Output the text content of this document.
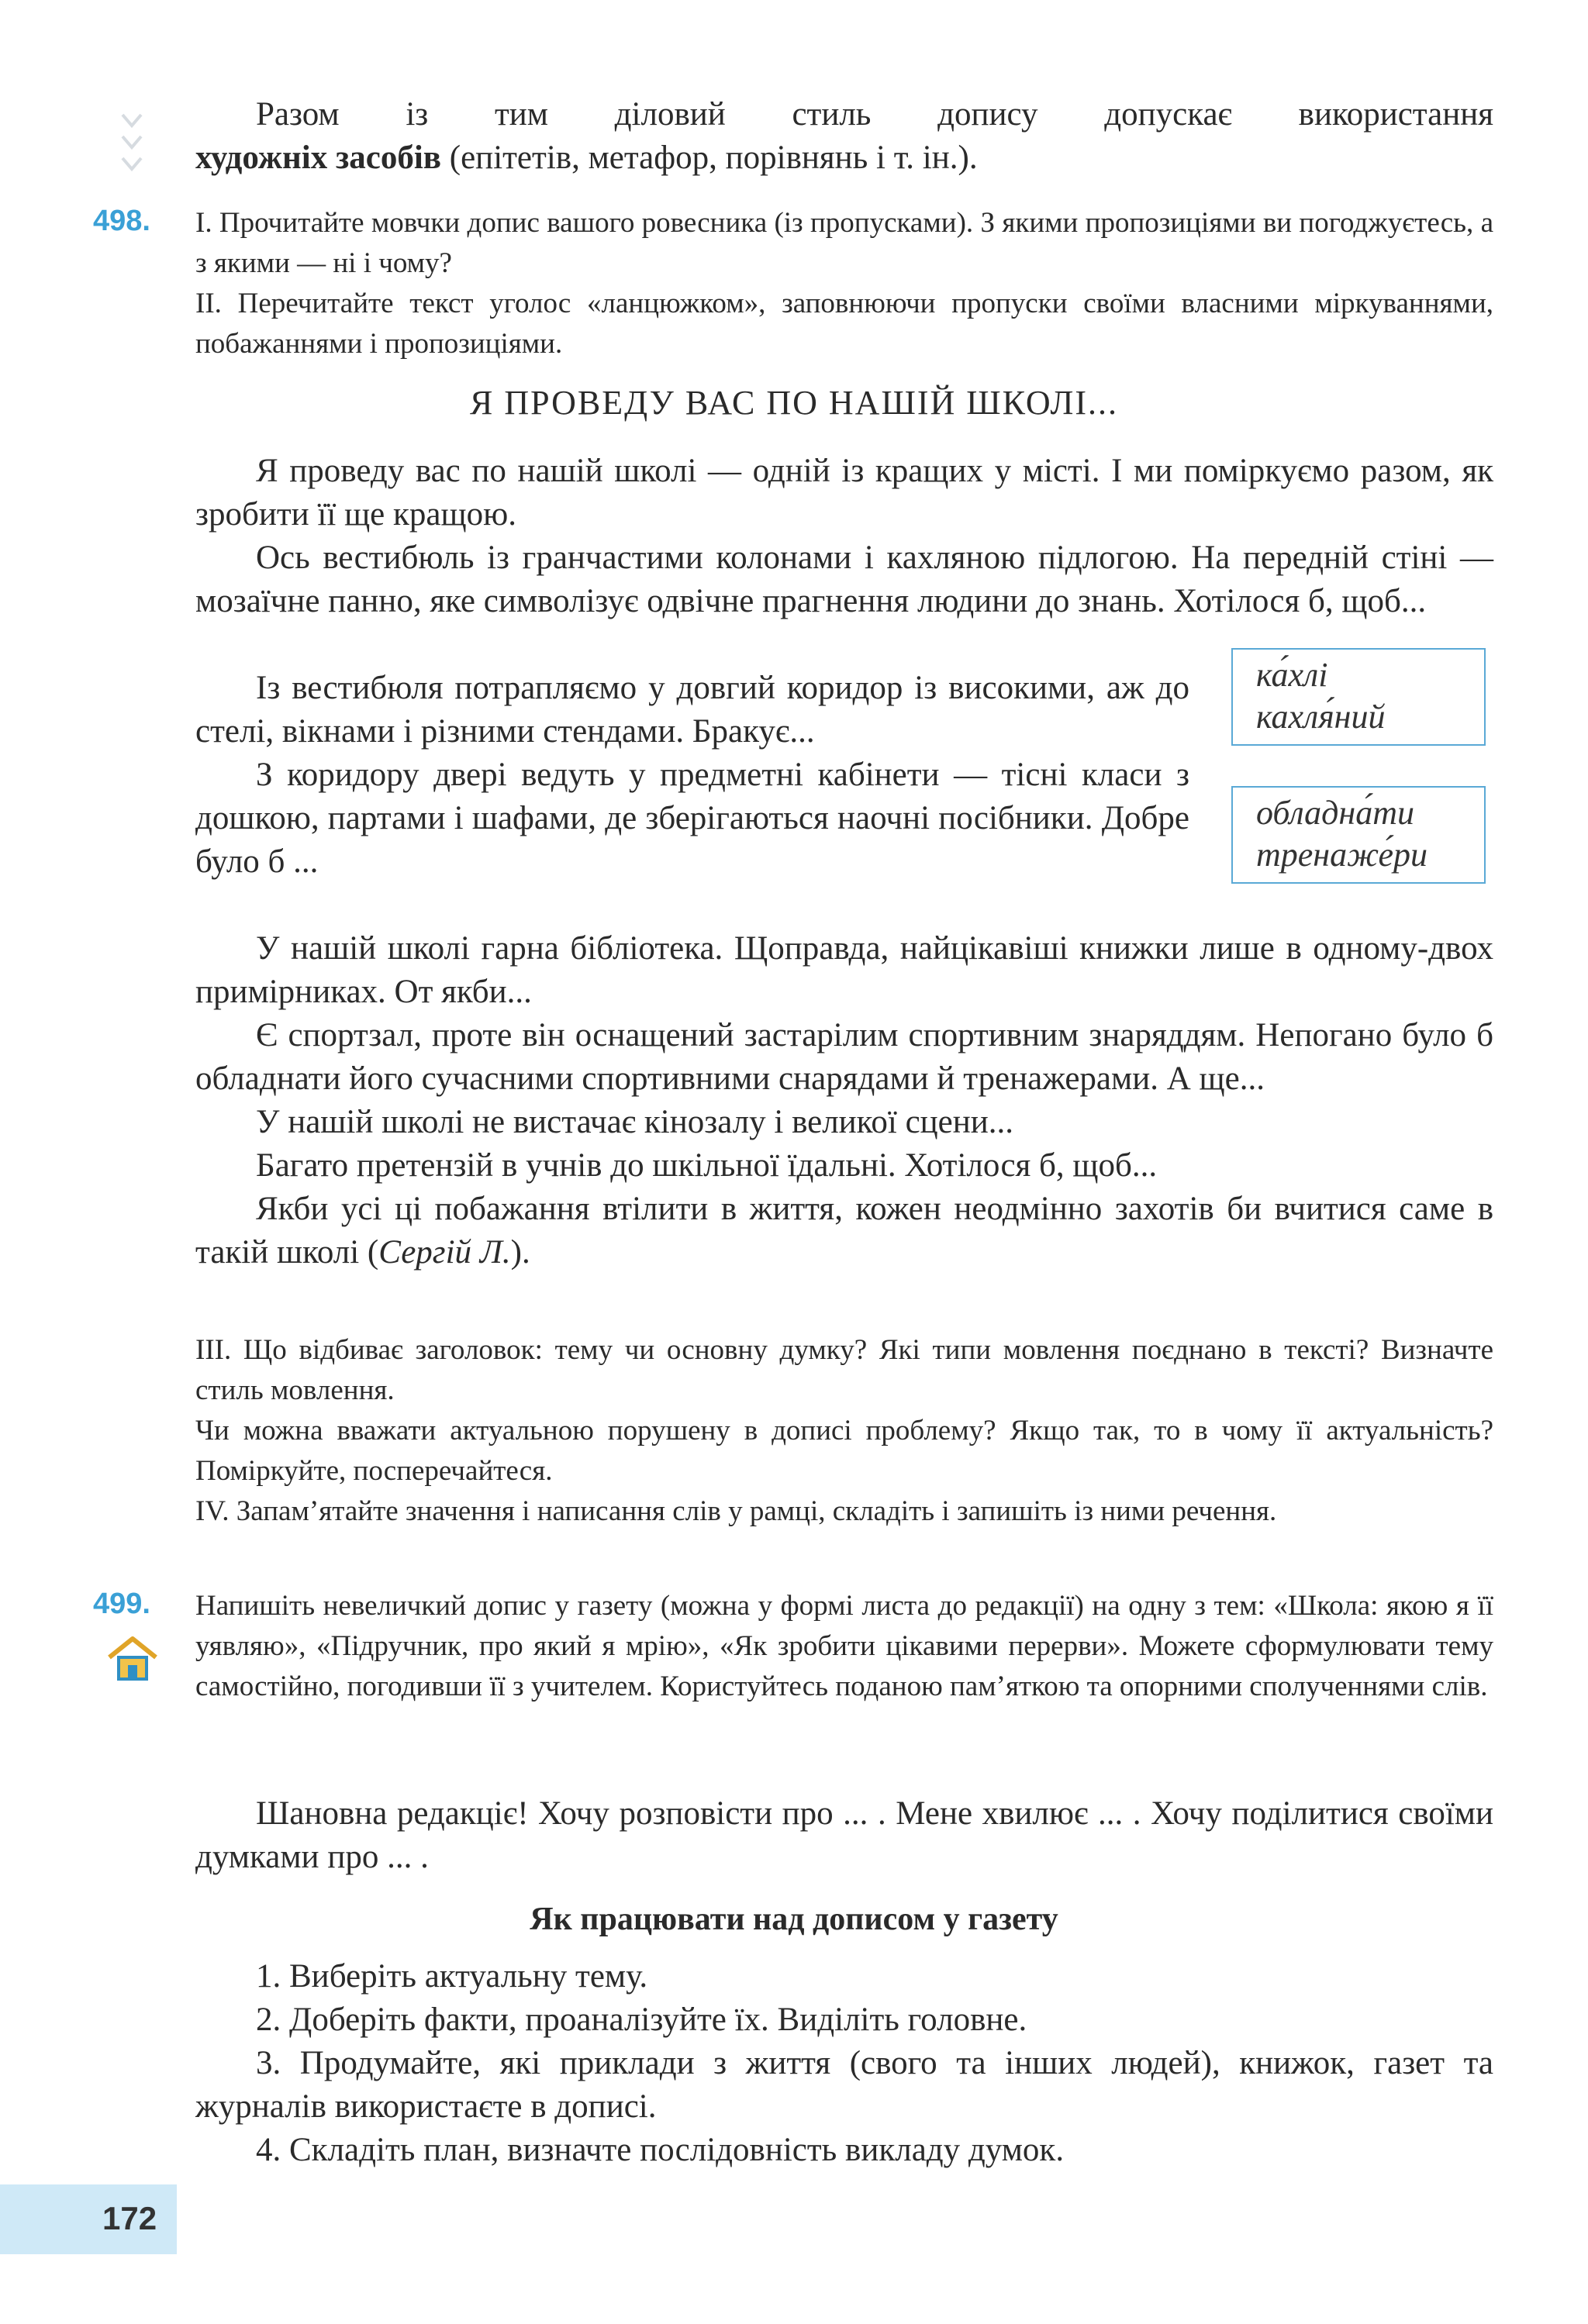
Разом із тим діловий стиль допису допускає використання

художніх засобів (епітетів, метафор, порівнянь і т. ін.).

498. І. Прочитайте мовчки допис вашого ровесника (із пропусками). З якими пропозиціями ви погоджуєтесь, а з якими — ні і чому?

ІІ. Перечитайте текст уголос «ланцюжком», заповнюючи пропуски своїми власними міркуваннями, побажаннями і пропозиціями.

Я ПРОВЕДУ ВАС ПО НАШІЙ ШКОЛІ...

Я проведу вас по нашій школі — одній із кращих у місті. І ми поміркуємо разом, як зробити її ще кращою.

Ось вестибюль із гранчастими колонами і кахляною підлогою. На передній стіні — мозаїчне панно, яке символізує одвічне прагнення людини до знань. Хотілося б, щоб...

Із вестибюля потрапляємо у довгий коридор із високими, аж до стелі, вікнами і різними стендами. Бракує...

З коридору двері ведуть у предметні кабінети — тісні класи з дошкою, партами і шафами, де зберігаються наочні посібники. Добре було б ...

ка́хлі
кахля́ний
обладна́ти
тренаже́ри

У нашій школі гарна бібліотека. Щоправда, найцікавіші книжки лише в одному-двох примірниках. От якби...

Є спортзал, проте він оснащений застарілим спортивним знаряддям. Непогано було б обладнати його сучасними спортивними снарядами й тренажерами. А ще...

У нашій школі не вистачає кінозалу і великої сцени...

Багато претензій в учнів до шкільної їдальні. Хотілося б, щоб...

Якби усі ці побажання втілити в життя, кожен неодмінно захотів би вчитися саме в такій школі (Сергій Л.).

ІІІ. Що відбиває заголовок: тему чи основну думку? Які типи мовлення поєднано в тексті? Визначте стиль мовлення.

Чи можна вважати актуальною порушену в дописі проблему? Якщо так, то в чому її актуальність? Поміркуйте, посперечайтеся.

IV. Запам’ятайте значення і написання слів у рамці, складіть і запишіть із ними речення.

499. Напишіть невеличкий допис у газету (можна у формі листа до редакції) на одну з тем: «Школа: якою я її уявляю», «Підручник, про який я мрію», «Як зробити цікавими перерви». Можете сформулювати тему самостійно, погодивши її з учителем. Користуйтесь поданою пам’яткою та опорними сполученнями слів.

Шановна редакціє! Хочу розповісти про ... . Мене хвилює ... . Хочу поділитися своїми думками про ... .

Як працювати над дописом у газету

1. Виберіть актуальну тему.

2. Доберіть факти, проаналізуйте їх. Виділіть головне.

3. Продумайте, які приклади з життя (свого та інших людей), книжок, газет та журналів використаєте в дописі.

4. Складіть план, визначте послідовність викладу думок.

172
